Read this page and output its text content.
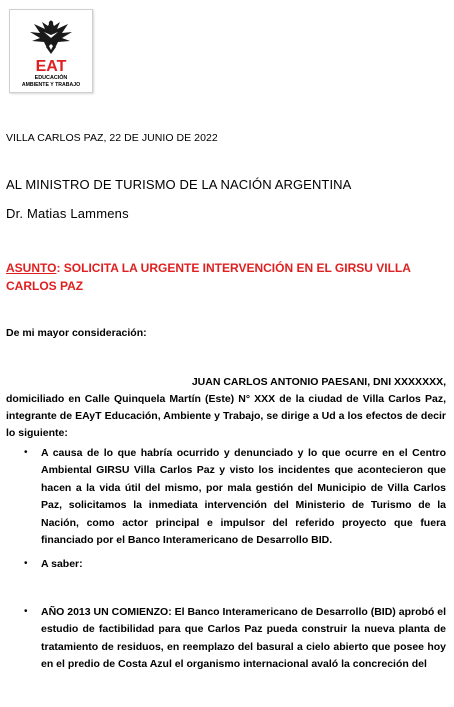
EAT
EDUCACIÓN
AMBIENTE Y TRABAJO
VILLA CARLOS PAZ, 22 DE JUNIO DE 2022
AL MINISTRO DE TURISMO DE LA NACIÓN ARGENTINA
Dr. Matias Lammens
ASUNTO: SOLICITA LA URGENTE INTERVENCIÓN EN EL GIRSU VILLA CARLOS PAZ
De mi mayor consideración:
JUAN CARLOS ANTONIO PAESANI, DNI XXXXXXX,
domiciliado en Calle Quinquela Martín (Este) N° XXX de la ciudad de Villa Carlos Paz, integrante de EAyT Educación, Ambiente y Trabajo, se dirige a Ud a los efectos de decir lo siguiente:
•	A causa de lo que habría ocurrido y denunciado y lo que ocurre en el Centro Ambiental GIRSU Villa Carlos Paz y visto los incidentes que acontecieron que hacen a la vida útil del mismo, por mala gestión del Municipio de Villa Carlos Paz, solicitamos la inmediata intervención del Ministerio de Turismo de la Nación, como actor principal e impulsor del referido proyecto que fuera financiado por el Banco Interamericano de Desarrollo BID.
•	A saber:
•	AÑO 2013 UN COMIENZO: El Banco Interamericano de Desarrollo (BID) aprobó el estudio de factibilidad para que Carlos Paz pueda construir la nueva planta de tratamiento de residuos, en reemplazo del basural a cielo abierto que posee hoy en el predio de Costa Azul el organismo internacional avaló la concreción del
